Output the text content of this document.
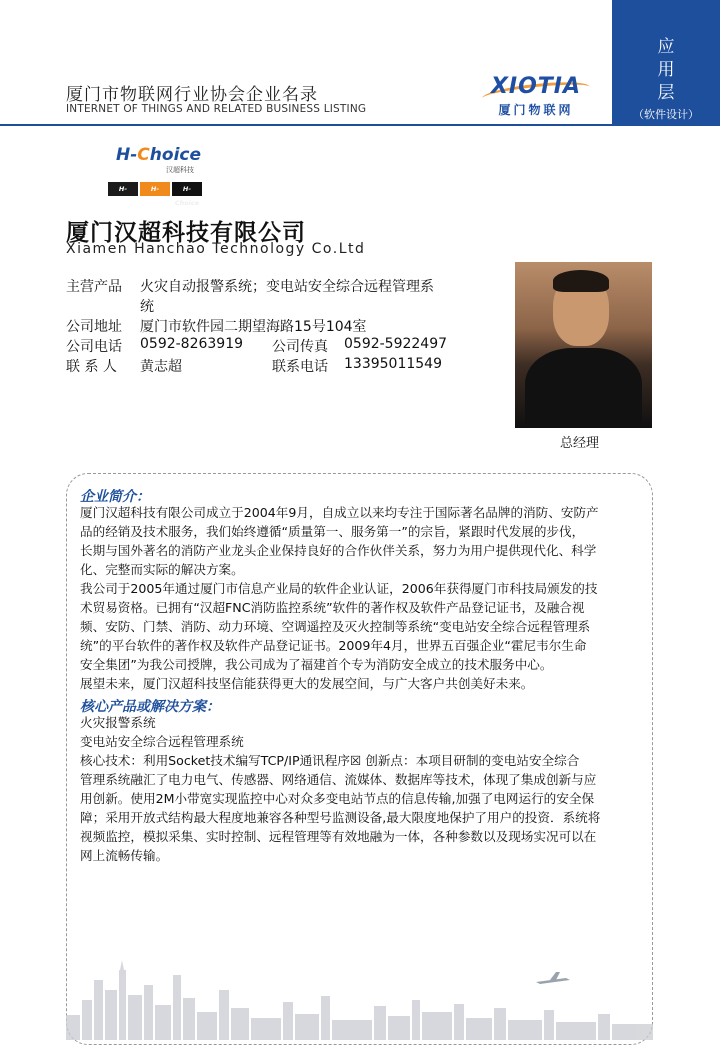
厦门市物联网行业协会企业名录
INTERNET OF THINGS AND RELATED BUSINESS LISTING
XIOTIA
厦门物联网
应
用
层
（软件设计）
H-Choice
汉超科技
H-Choice
H-Choice
H-Choice
厦门汉超科技有限公司
Xiamen Hanchao Technology Co.Ltd
主营产品 火灾自动报警系统；变电站安全综合远程管理系
统
公司地址 厦门市软件园二期望海路15号104室
公司电话 0592-8263919 公司传真 0592-5922497
联 系 人 黄志超	联系电话 13395011549
总经理
企业简介：
厦门汉超科技有限公司成立于2004年9月，自成立以来均专注于国际著名品牌的消防、安防产
品的经销及技术服务，我们始终遵循“质量第一、服务第一”的宗旨，紧跟时代发展的步伐，
长期与国外著名的消防产业龙头企业保持良好的合作伙伴关系，努力为用户提供现代化、科学
化、完整而实际的解决方案。
我公司于2005年通过厦门市信息产业局的软件企业认证，2006年获得厦门市科技局颁发的技
术贸易资格。已拥有“汉超FNC消防监控系统”软件的著作权及软件产品登记证书，及融合视
频、安防、门禁、消防、动力环境、空调遥控及灭火控制等系统“变电站安全综合远程管理系
统”的平台软件的著作权及软件产品登记证书。2009年4月，世界五百强企业“霍尼韦尔生命
安全集团”为我公司授牌，我公司成为了福建首个专为消防安全成立的技术服务中心。
展望未来，厦门汉超科技坚信能获得更大的发展空间，与广大客户共创美好未来。
核心产品或解决方案：
火灾报警系统
变电站安全综合远程管理系统
核心技术：利用Socket技术编写TCP/IP通讯程序☒ 创新点：本项目研制的变电站安全综合
管理系统融汇了电力电气、传感器、网络通信、流媒体、数据库等技术，体现了集成创新与应
用创新。使用2M小带宽实现监控中心对众多变电站节点的信息传输,加强了电网运行的安全保
障；采用开放式结构最大程度地兼容各种型号监测设备,最大限度地保护了用户的投资．系统将
视频监控，模拟采集、实时控制、远程管理等有效地融为一体，各种参数以及现场实况可以在
网上流畅传输。
